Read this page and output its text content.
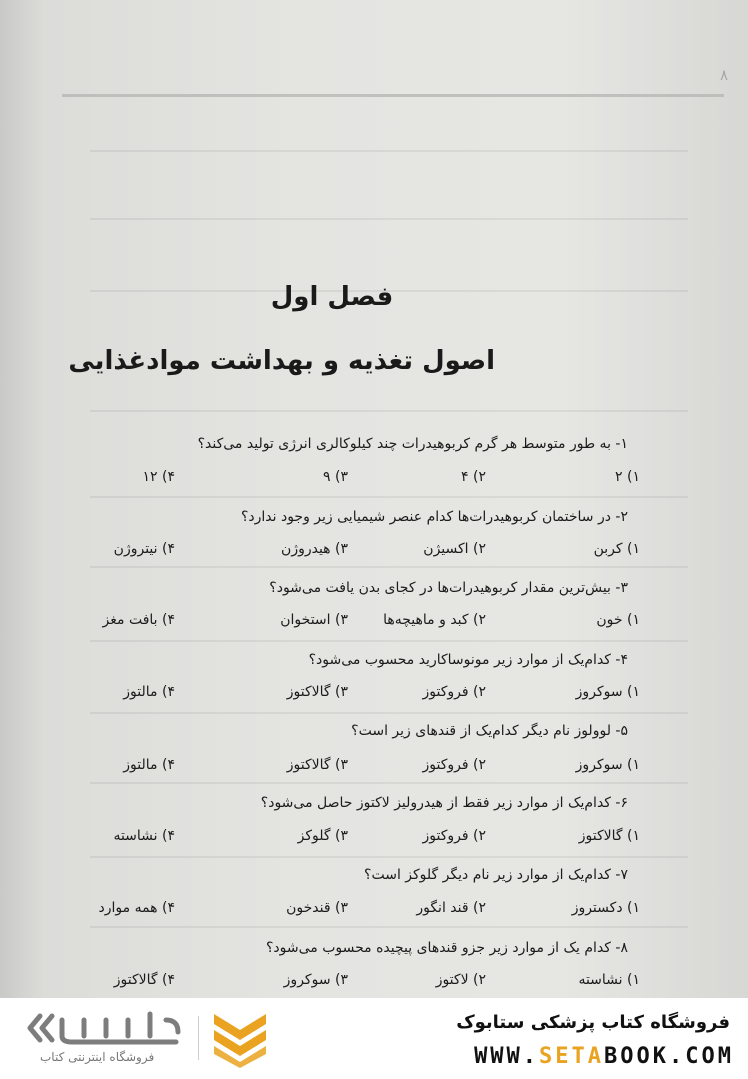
۸
فصل اول
اصول تغذیه و بهداشت موادغذایی
۱- به طور متوسط هر گرم کربوهیدرات چند کیلوکالری انرژی تولید می‌کند؟
۱) ۲
۲) ۴
۳) ۹
۴) ۱۲
۲- در ساختمان کربوهیدرات‌ها کدام عنصر شیمیایی زیر وجود ندارد؟
۱) کربن
۲) اکسیژن
۳) هیدروژن
۴) نیتروژن
۳- بیش‌ترین مقدار کربوهیدرات‌ها در کجای بدن یافت می‌شود؟
۱) خون
۲) کبد و ماهیچه‌ها
۳) استخوان
۴) بافت مغز
۴- کدام‌یک از موارد زیر مونوساکارید محسوب می‌شود؟
۱) سوکروز
۲) فروکتوز
۳) گالاکتوز
۴) مالتوز
۵- لوولوز نام دیگر کدام‌یک از قندهای زیر است؟
۱) سوکروز
۲) فروکتوز
۳) گالاکتوز
۴) مالتوز
۶- کدام‌یک از موارد زیر فقط از هیدرولیز لاکتوز حاصل می‌شود؟
۱) گالاکتوز
۲) فروکتوز
۳) گلوکز
۴) نشاسته
۷- کدام‌یک از موارد زیر نام دیگر گلوکز است؟
۱) دکستروز
۲) قند انگور
۳) قندخون
۴) همه موارد
۸- کدام یک از موارد زیر جزو قندهای پیچیده محسوب می‌شود؟
۱) نشاسته
۲) لاکتوز
۳) سوکروز
۴) گالاکتوز
فروشگاه اینترنتی کتاب
فروشگاه کتاب پزشکی ستابوک
WWW.SETABOOK.COM
